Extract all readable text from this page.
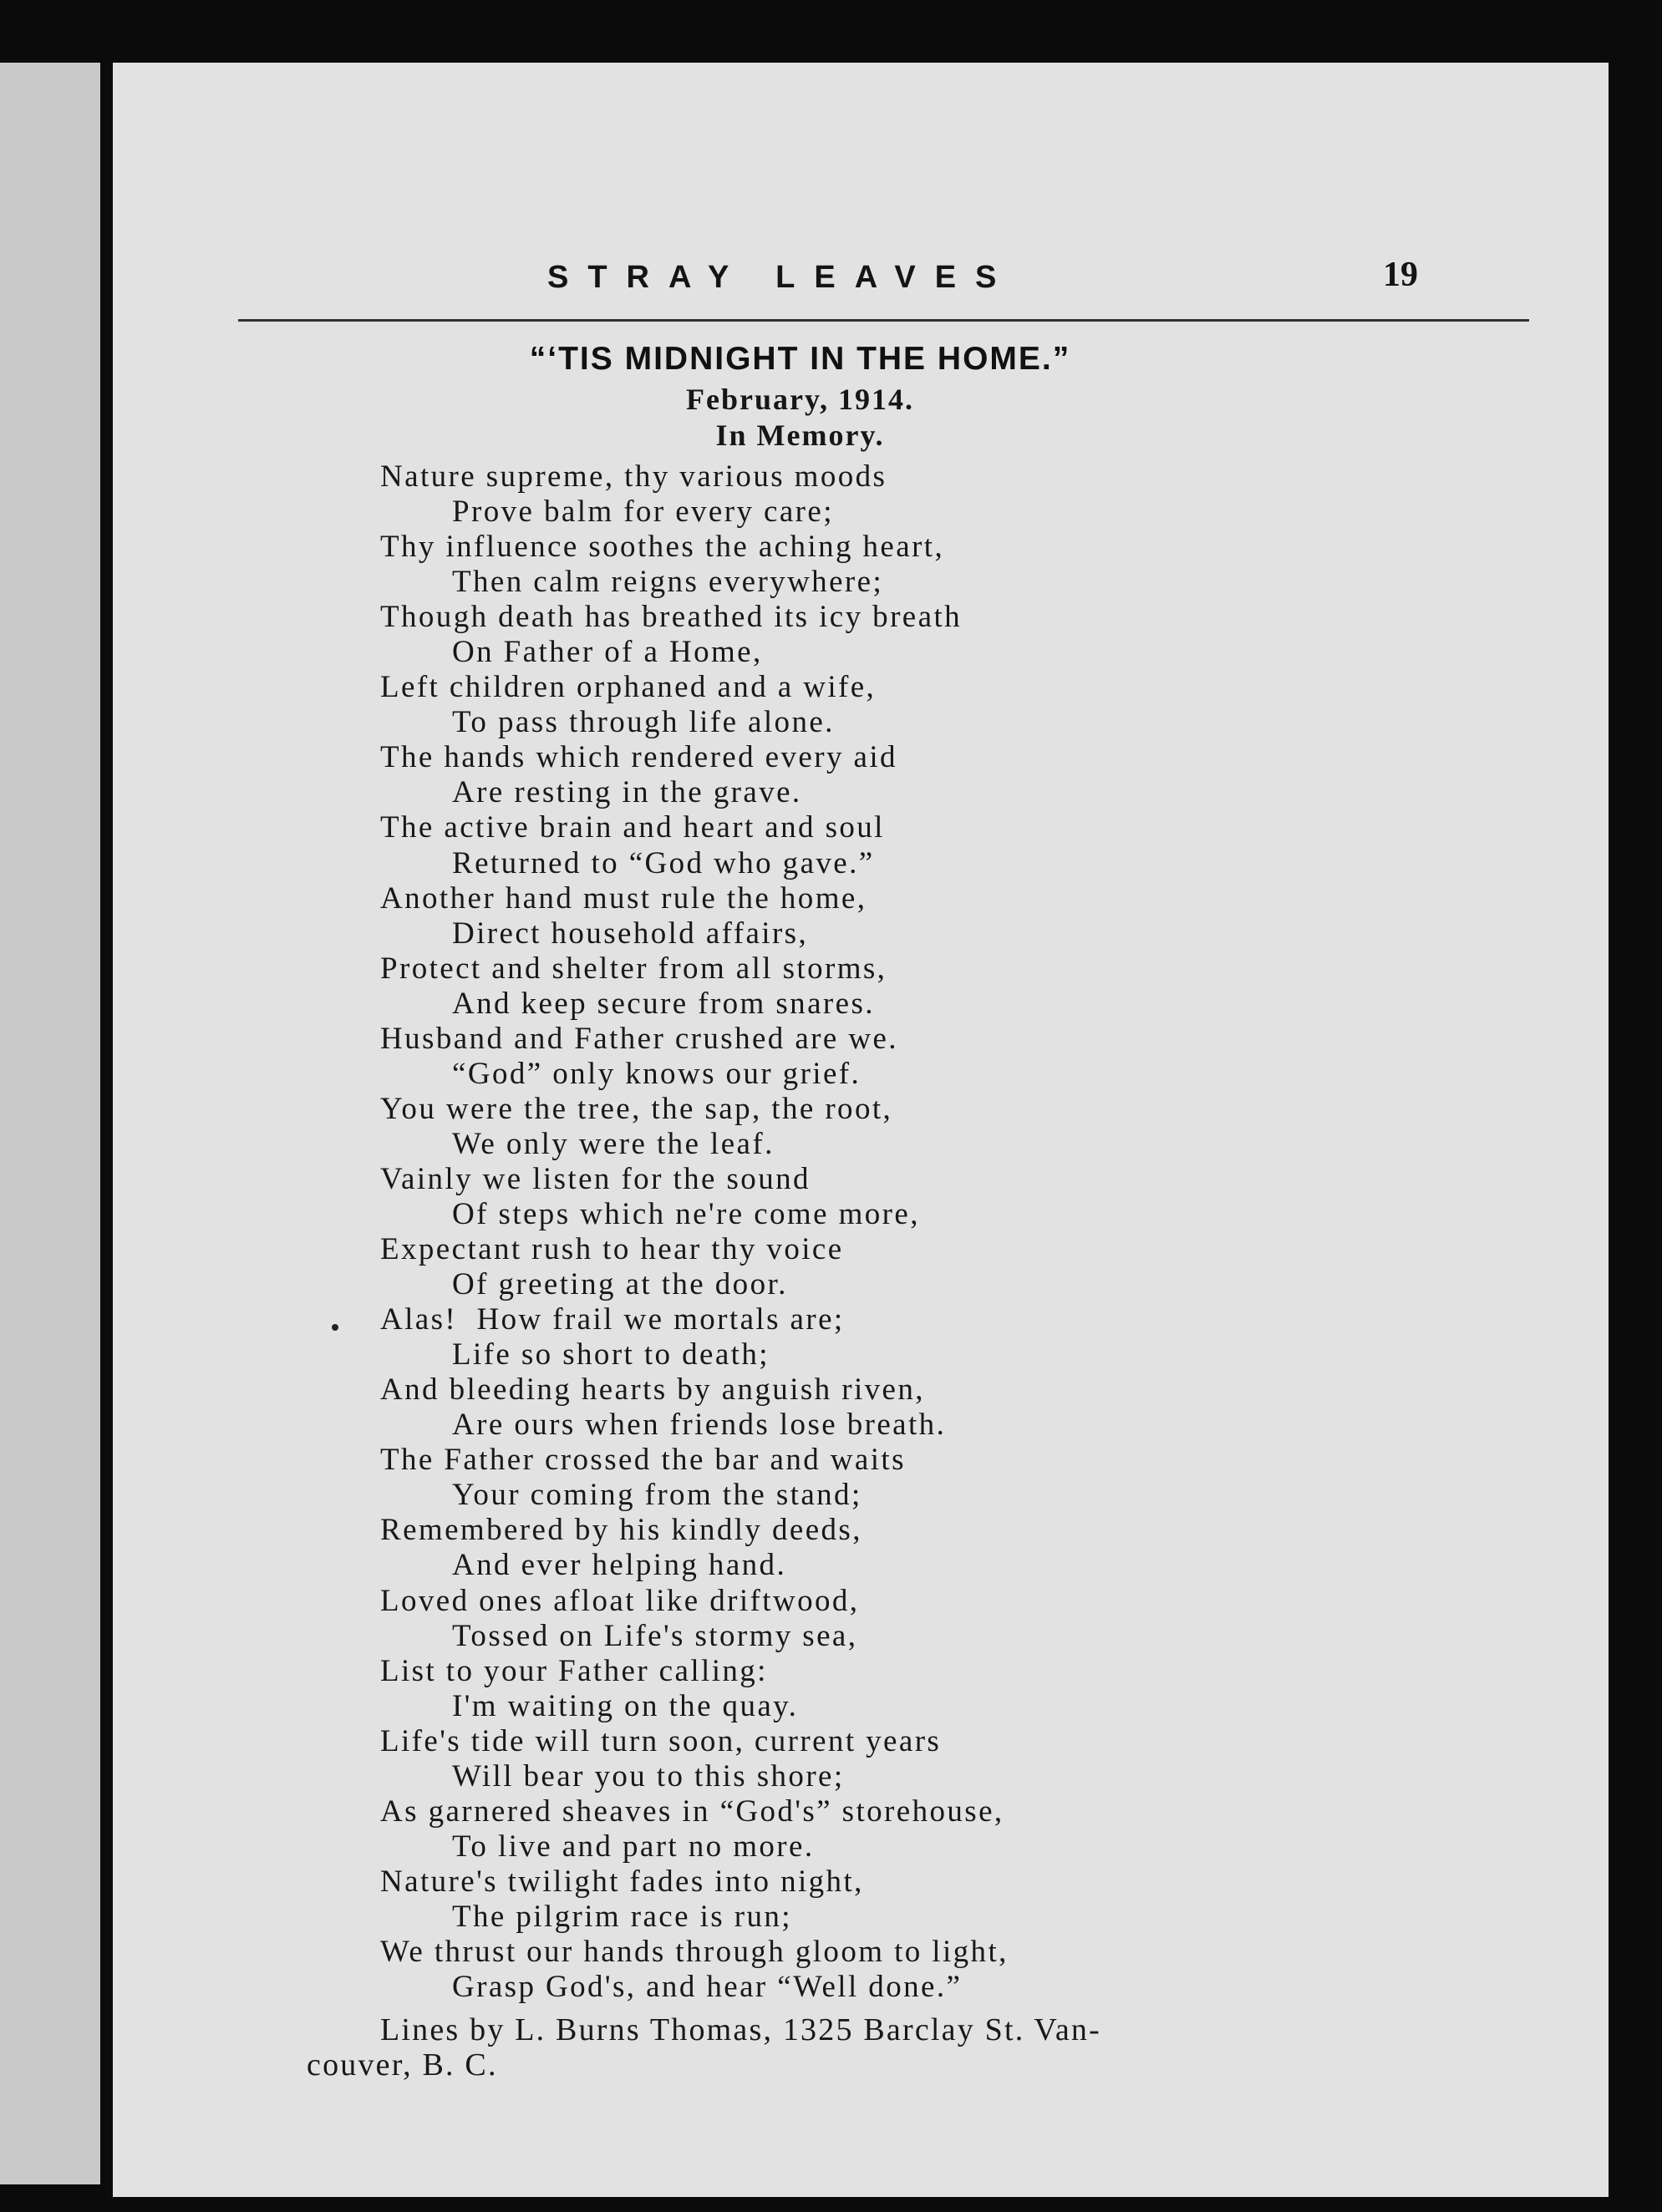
STRAY LEAVES	19
“‘TIS MIDNIGHT IN THE HOME.”
February, 1914.
In Memory.
Nature supreme, thy various moods
Prove balm for every care;
Thy influence soothes the aching heart,
Then calm reigns everywhere;
Though death has breathed its icy breath
On Father of a Home,
Left children orphaned and a wife,
To pass through life alone.
The hands which rendered every aid
Are resting in the grave.
The active brain and heart and soul
Returned to “God who gave.”
Another hand must rule the home,
Direct household affairs,
Protect and shelter from all storms,
And keep secure from snares.
Husband and Father crushed are we.
“God” only knows our grief.
You were the tree, the sap, the root,
We only were the leaf.
Vainly we listen for the sound
Of steps which ne're come more,
Expectant rush to hear thy voice
Of greeting at the door.
Alas!  How frail we mortals are;
Life so short to death;
And bleeding hearts by anguish riven,
Are ours when friends lose breath.
The Father crossed the bar and waits
Your coming from the stand;
Remembered by his kindly deeds,
And ever helping hand.
Loved ones afloat like driftwood,
Tossed on Life's stormy sea,
List to your Father calling:
I'm waiting on the quay.
Life's tide will turn soon, current years
Will bear you to this shore;
As garnered sheaves in “God's” storehouse,
To live and part no more.
Nature's twilight fades into night,
The pilgrim race is run;
We thrust our hands through gloom to light,
Grasp God's, and hear “Well done.”
Lines by L. Burns Thomas, 1325 Barclay St. Van-
couver, B. C.
